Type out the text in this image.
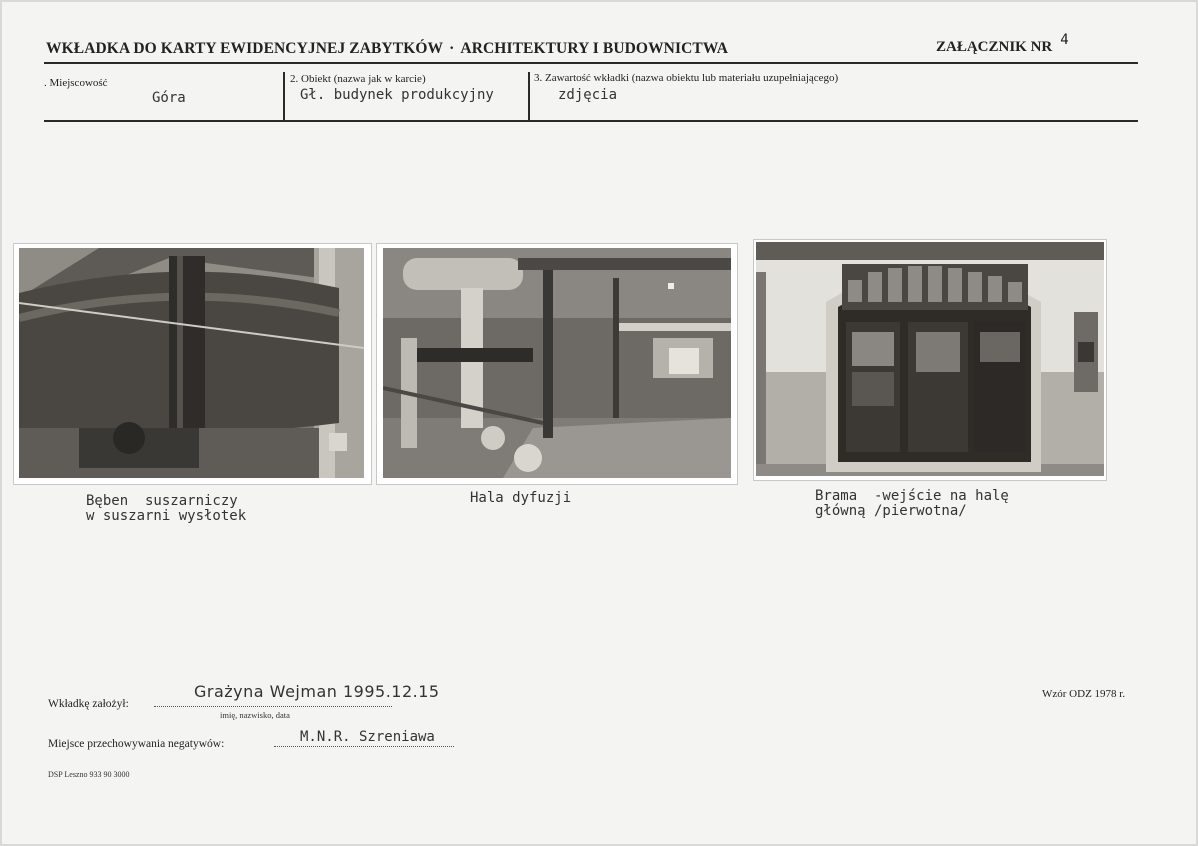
WKŁADKA DO KARTY EWIDENCYJNEJ ZABYTKÓW · ARCHITEKTURY I BUDOWNICTWA	ZAŁĄCZNIK NR 4
. Miejscowość
Góra
2. Obiekt (nazwa jak w karcie)
Gł. budynek produkcyjny
3. Zawartość wkładki (nazwa obiektu lub materiału uzupełniającego)
zdjęcia
Bęben  suszarniczy
w suszarni wysłotek
Hala dyfuzji	Brama  -wejście na halę
główną /pierwotna/
Wkładkę założył:
Grażyna Wejman 1995.12.15
imię, nazwisko, data
Wzór ODZ 1978 r.
Miejsce przechowywania negatywów:	M.N.R. Szreniawa
DSP Leszno 933 90 3000
